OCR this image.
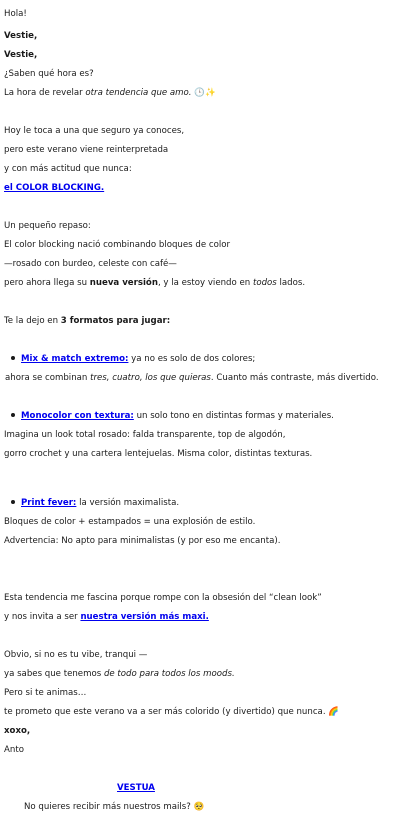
Hola!
Vestie,
Vestie,
¿Saben qué hora es?
La hora de revelar otra tendencia que amo. 🕒✨
Hoy le toca a una que seguro ya conoces,
pero este verano viene reinterpretada
y con más actitud que nunca:
el COLOR BLOCKING.
Un pequeño repaso:
El color blocking nació combinando bloques de color
—rosado con burdeo, celeste con café—
pero ahora llega su nueva versión, y la estoy viendo en todos lados.
Te la dejo en 3 formatos para jugar:
Mix & match extremo: ya no es solo de dos colores;
ahora se combinan tres, cuatro, los que quieras. Cuanto más contraste, más divertido.
Monocolor con textura: un solo tono en distintas formas y materiales.
Imagina un look total rosado: falda transparente, top de algodón,
gorro crochet y una cartera lentejuelas. Misma color, distintas texturas.
Print fever: la versión maximalista.
Bloques de color + estampados = una explosión de estilo.
Advertencia: No apto para minimalistas (y por eso me encanta).
Esta tendencia me fascina porque rompe con la obsesión del “clean look”
y nos invita a ser nuestra versión más maxi.
Obvio, si no es tu vibe, tranqui —
ya sabes que tenemos de todo para todos los moods.
Pero si te animas…
te prometo que este verano va a ser más colorido (y divertido) que nunca. 🌈
xoxo,
Anto
VESTUA
No quieres recibir más nuestros mails? 🥺
